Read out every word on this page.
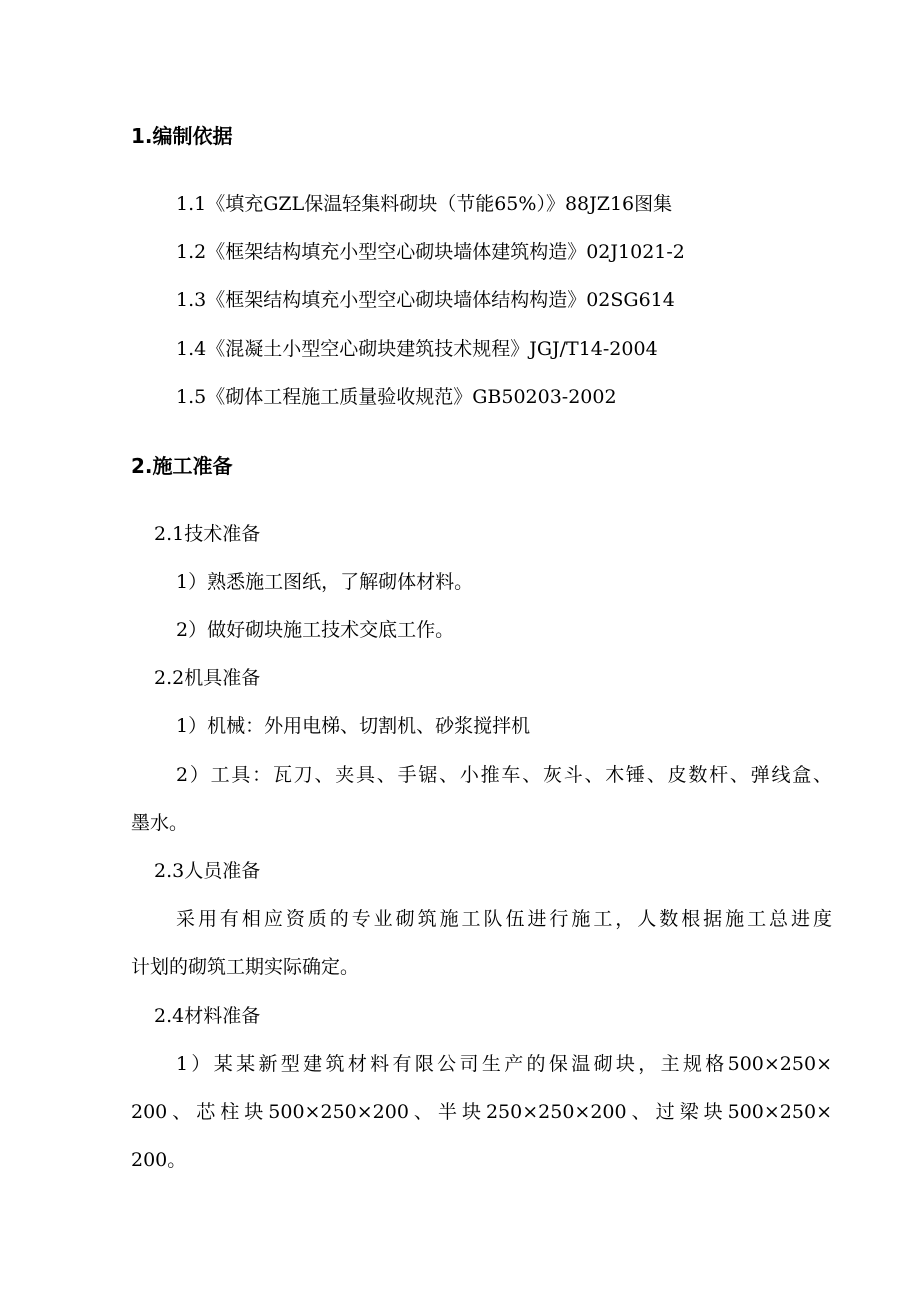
1.编制依据
1.1《填充GZL保温轻集料砌块（节能65%）》88JZ16图集
1.2《框架结构填充小型空心砌块墙体建筑构造》02J1021-2
1.3《框架结构填充小型空心砌块墙体结构构造》02SG614
1.4《混凝土小型空心砌块建筑技术规程》JGJ/T14-2004
1.5《砌体工程施工质量验收规范》GB50203-2002
2.施工准备
2.1技术准备
1）熟悉施工图纸，了解砌体材料。
2）做好砌块施工技术交底工作。
2.2机具准备
1）机械：外用电梯、切割机、砂浆搅拌机
2）工具：瓦刀、夹具、手锯、小推车、灰斗、木锤、皮数杆、弹线盒、
墨水。
2.3人员准备
采用有相应资质的专业砌筑施工队伍进行施工，人数根据施工总进度
计划的砌筑工期实际确定。
2.4材料准备
1）某某新型建筑材料有限公司生产的保温砌块，主规格500×250×
200、芯柱块500×250×200、半块250×250×200、过梁块500×250×
200。
